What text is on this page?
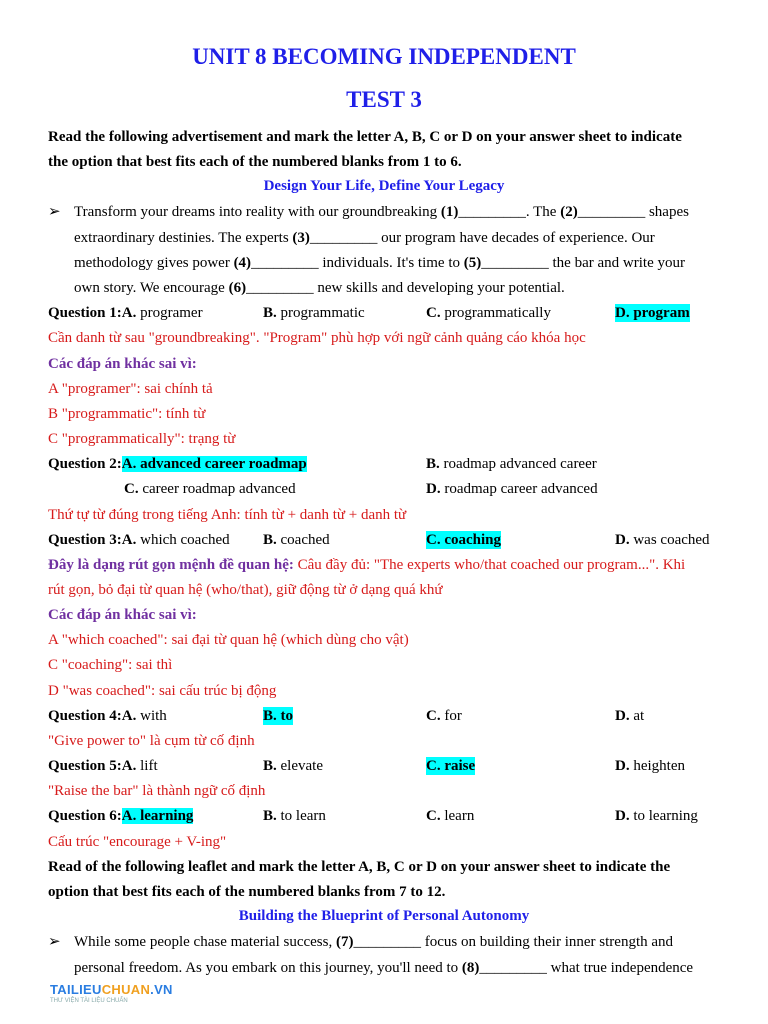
UNIT 8 BECOMING INDEPENDENT
TEST 3
Read the following advertisement and mark the letter A, B, C or D on your answer sheet to indicate
the option that best fits each of the numbered blanks from 1 to 6.
Design Your Life, Define Your Legacy
➢ Transform your dreams into reality with our groundbreaking (1)_________. The (2)_________ shapes
extraordinary destinies. The experts (3)_________ our program have decades of experience. Our
methodology gives power (4)_________ individuals. It's time to (5)_________ the bar and write your
own story. We encourage (6)_________ new skills and developing your potential.
Question 1:A. programer	B. programmatic	C. programmatically	D. program
Cần danh từ sau "groundbreaking". "Program" phù hợp với ngữ cảnh quảng cáo khóa học
Các đáp án khác sai vì:
A "programer": sai chính tả
B "programmatic": tính từ
C "programmatically": trạng từ
Question 2:A. advanced career roadmap	B. roadmap advanced career
C. career roadmap advanced	D. roadmap career advanced
Thứ tự từ đúng trong tiếng Anh: tính từ + danh từ + danh từ
Question 3:A. which coached B. coached	C. coaching	D. was coached
Đây là dạng rút gọn mệnh đề quan hệ: Câu đầy đủ: "The experts who/that coached our program...". Khi
rút gọn, bỏ đại từ quan hệ (who/that), giữ động từ ở dạng quá khứ
Các đáp án khác sai vì:
A "which coached": sai đại từ quan hệ (which dùng cho vật)
C "coaching": sai thì
D "was coached": sai cấu trúc bị động
Question 4:A. with	B. to	C. for	D. at
"Give power to" là cụm từ cố định
Question 5:A. lift	B. elevate	C. raise	D. heighten
"Raise the bar" là thành ngữ cố định
Question 6:A. learning	B. to learn	C. learn	D. to learning
Cấu trúc "encourage + V-ing"
Read of the following leaflet and mark the letter A, B, C or D on your answer sheet to indicate the
option that best fits each of the numbered blanks from 7 to 12.
Building the Blueprint of Personal Autonomy
➢ While some people chase material success, (7)_________ focus on building their inner strength and
personal freedom. As you embark on this journey, you'll need to (8)_________ what true independence
TAILIEUCHUAN.VN
THƯ VIỆN TÀI LIỆU CHUẨN
